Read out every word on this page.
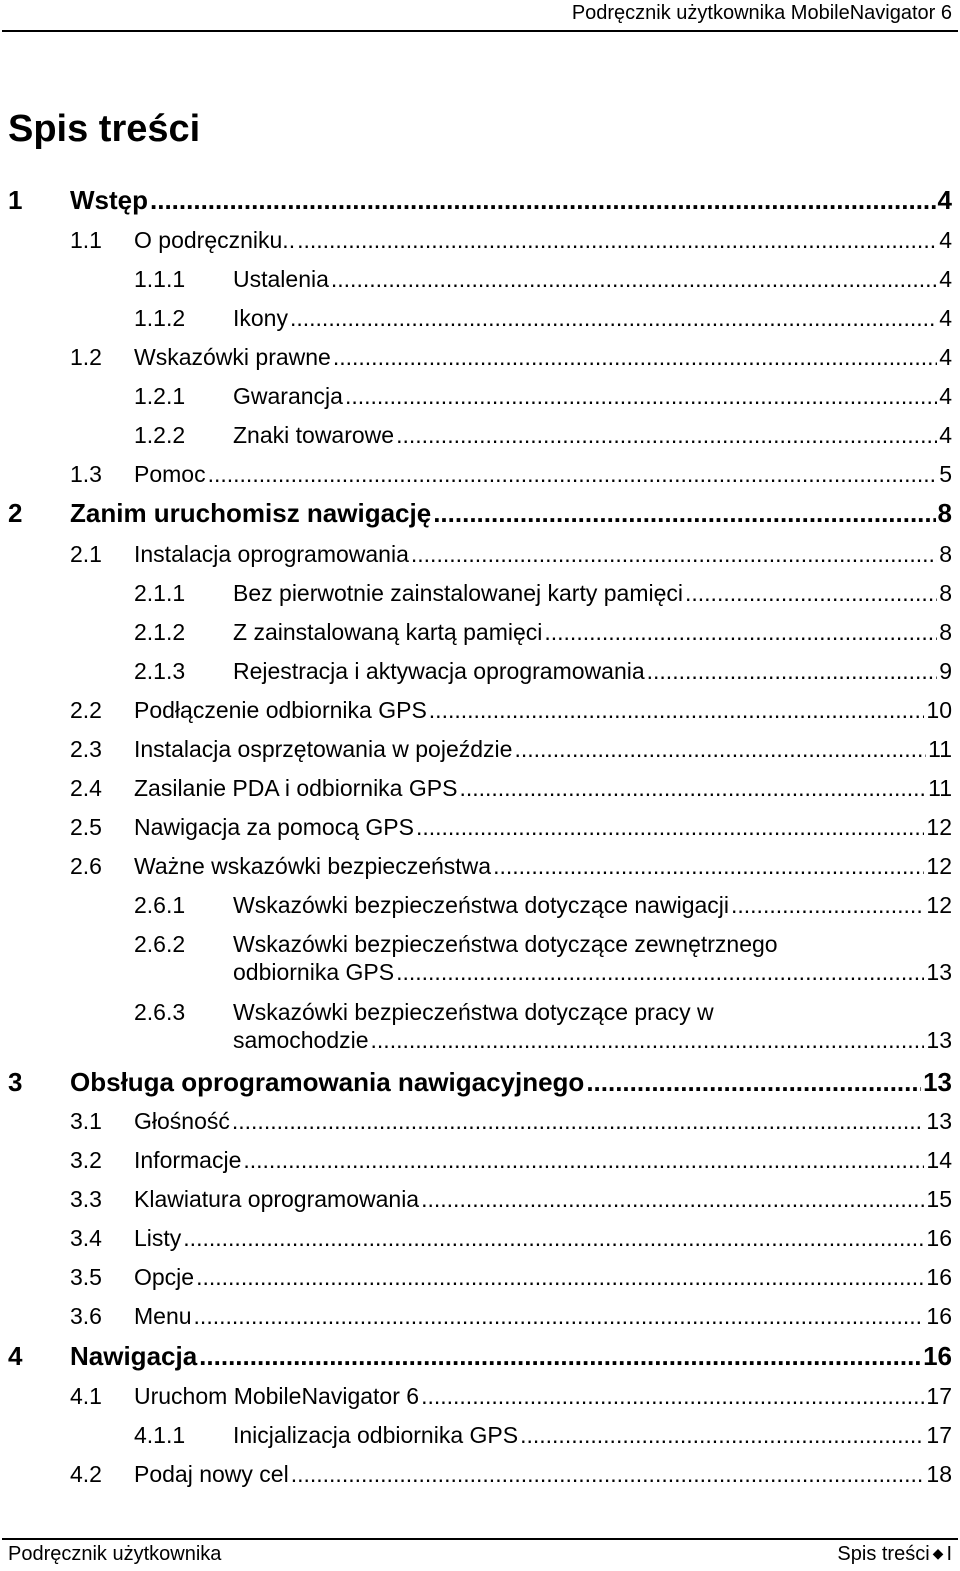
Podręcznik użytkownika MobileNavigator 6
Spis treści
1 Wstęp .....	4
1.1 O podręczniku.. .....	4
1.1.1 Ustalenia .....	4
1.1.2 Ikony .....	4
1.2 Wskazówki prawne .....	4
1.2.1 Gwarancja .....	4
1.2.2 Znaki towarowe .....	4
1.3 Pomoc .....	5
2 Zanim uruchomisz nawigację .....	8
2.1 Instalacja oprogramowania .....	8
2.1.1 Bez pierwotnie zainstalowanej karty pamięci .....	8
2.1.2 Z zainstalowaną kartą pamięci .....	8
2.1.3 Rejestracja i aktywacja oprogramowania .....	9
2.2 Podłączenie odbiornika GPS .....	10
2.3 Instalacja osprzętowania w pojeździe .....	11
2.4 Zasilanie PDA i odbiornika GPS .....	11
2.5 Nawigacja za pomocą GPS .....	12
2.6 Ważne wskazówki bezpieczeństwa .....	12
2.6.1 Wskazówki bezpieczeństwa dotyczące nawigacji .....	12
2.6.2 Wskazówki bezpieczeństwa dotyczące zewnętrznego
odbiornika GPS .....	13
2.6.3 Wskazówki bezpieczeństwa dotyczące pracy w
samochodzie .....	13
3 Obsługa oprogramowania nawigacyjnego .....	13
3.1 Głośność .....	13
3.2 Informacje .....	14
3.3 Klawiatura oprogramowania .....	15
3.4 Listy .....	16
3.5 Opcje .....	16
3.6 Menu .....	16
4 Nawigacja .....	16
4.1 Uruchom MobileNavigator 6 .....	17
4.1.1 Inicjalizacja odbiornika GPS .....	17
4.2 Podaj nowy cel .....	18
Podręcznik użytkownika	Spis treści ◆ I
